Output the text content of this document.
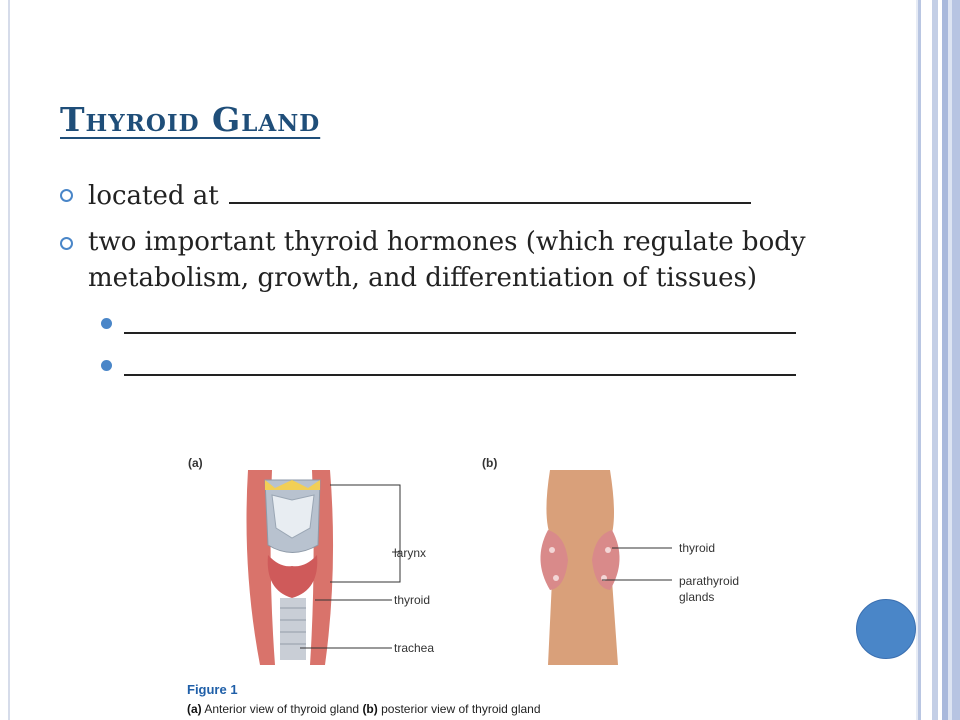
Thyroid Gland
located at
two important thyroid hormones (which regulate body metabolism, growth, and differentiation of tissues)
(a)	(b)
larynx
thyroid
trachea
thyroid
parathyroid
glands
Figure 1
(a) Anterior view of thyroid gland (b) posterior view of thyroid gland
